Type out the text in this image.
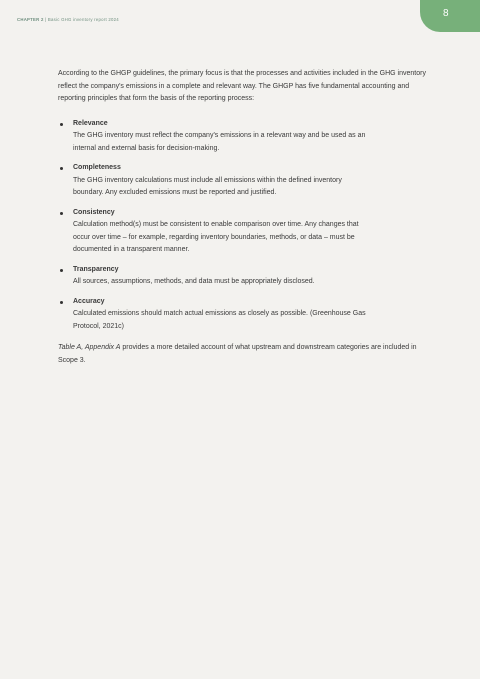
CHAPTER 2 | Basic GHG inventory report 2024
8

According to the GHGP guidelines, the primary focus is that the processes and activities included in the GHG inventory reflect the company's emissions in a complete and relevant way. The GHGP has five fundamental accounting and reporting principles that form the basis of the reporting process:

Relevance
The GHG inventory must reflect the company's emissions in a relevant way and be used as an internal and external basis for decision-making.
Completeness
The GHG inventory calculations must include all emissions within the defined inventory boundary. Any excluded emissions must be reported and justified.
Consistency
Calculation method(s) must be consistent to enable comparison over time. Any changes that occur over time – for example, regarding inventory boundaries, methods, or data – must be documented in a transparent manner.
Transparency
All sources, assumptions, methods, and data must be appropriately disclosed.
Accuracy
Calculated emissions should match actual emissions as closely as possible. (Greenhouse Gas Protocol, 2021c)

Table A, Appendix A provides a more detailed account of what upstream and downstream categories are included in Scope 3.
